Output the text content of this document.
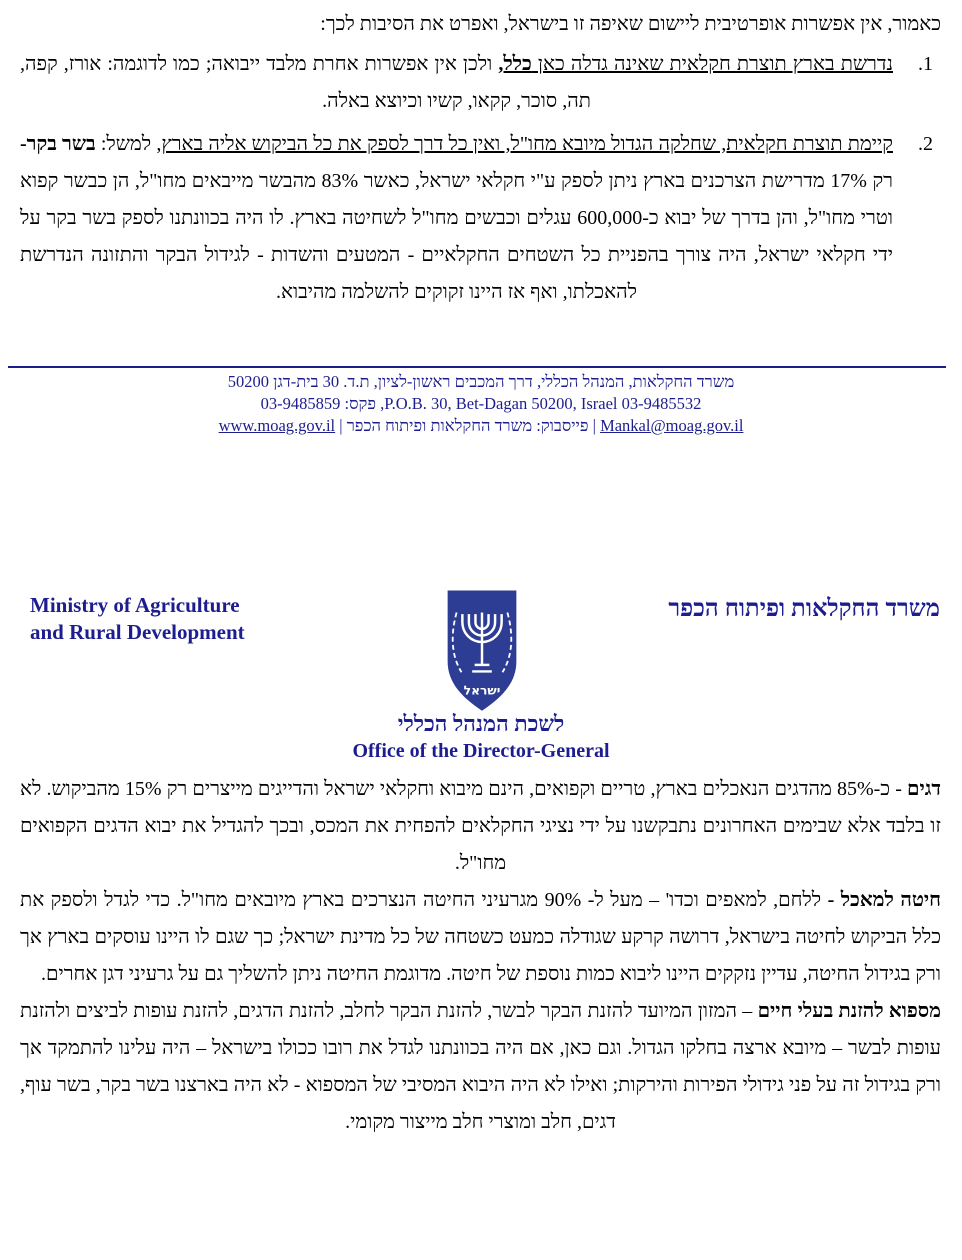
כאמור, אין אפשרות אופרטיבית ליישום שאיפה זו בישראל, ואפרט את הסיבות לכך:
1.
נדרשת בארץ תוצרת חקלאית שאינה גדלה כאן כלל, ולכן אין אפשרות אחרת מלבד ייבואה; כמו לדוגמה: אורז, קפה, תה, סוכר, קקאו, קשיו וכיוצא באלה.
2.
קיימת תוצרת חקלאית, שחלקה הגדול מיובא מחו"ל, ואין כל דרך לספק את כל הביקוש אליה בארץ, למשל: בשר בקר- רק 17% מדרישת הצרכנים בארץ ניתן לספק ע"י חקלאי ישראל, כאשר 83% מהבשר מייבאים מחו"ל, הן כבשר קפוא וטרי מחו"ל, והן בדרך של יבוא כ-600,000 עגלים וכבשים מחו"ל לשחיטה בארץ. לו היה בכוונתנו לספק בשר בקר על ידי חקלאי ישראל, היה צורך בהפניית כל השטחים החקלאיים - המטעים והשדות - לגידול הבקר והתזונה הנדרשת להאכלתו, ואף אז היינו זקוקים להשלמה מהיבוא.
משרד החקלאות, המנהל הכללי, דרך המכבים ראשון-לציון, ת.ד. 30 בית-דגן 50200
P.O.B. 30, Bet-Dagan 50200, Israel 03-9485532, פקס: 03-9485859
Mankal@moag.gov.il | פייסבוק: משרד החקלאות ופיתוח הכפר | www.moag.gov.il
Ministry of Agriculture
and Rural Development
משרד החקלאות ופיתוח הכפר
ישראל
לשכת המנהל הכללי
Office of the Director-General

דגים - כ-85% מהדגים הנאכלים בארץ, טריים וקפואים, הינם מיבוא וחקלאי ישראל והדייגים מייצרים רק 15% מהביקוש. לא זו בלבד אלא שבימים האחרונים נתבקשנו על ידי נציגי החקלאים להפחית את המכס, ובכך להגדיל את יבוא הדגים הקפואים מחו"ל.

חיטה למאכל - ללחם, למאפים וכדו' – מעל ל- 90% מגרעיני החיטה הנצרכים בארץ מיובאים מחו"ל. כדי לגדל ולספק את כלל הביקוש לחיטה בישראל, דרושה קרקע שגודלה כמעט כשטחה של כל מדינת ישראל; כך שגם לו היינו עוסקים בארץ אך ורק בגידול החיטה, עדיין נזקקים היינו ליבוא כמות נוספת של חיטה. מדוגמת החיטה ניתן להשליך גם על גרעיני דגן אחרים.

מספוא להזנת בעלי חיים – המזון המיועד להזנת הבקר לבשר, להזנת הבקר לחלב, להזנת הדגים, להזנת עופות לביצים ולהזנת עופות לבשר – מיובא ארצה בחלקו הגדול. וגם כאן, אם היה בכוונתנו לגדל את רובו ככולו בישראל – היה עלינו להתמקד אך ורק בגידול זה על פני גידולי הפירות והירקות; ואילו לא היה היבוא המסיבי של המספוא - לא היה בארצנו בשר בקר, בשר עוף, דגים, חלב ומוצרי חלב מייצור מקומי.
